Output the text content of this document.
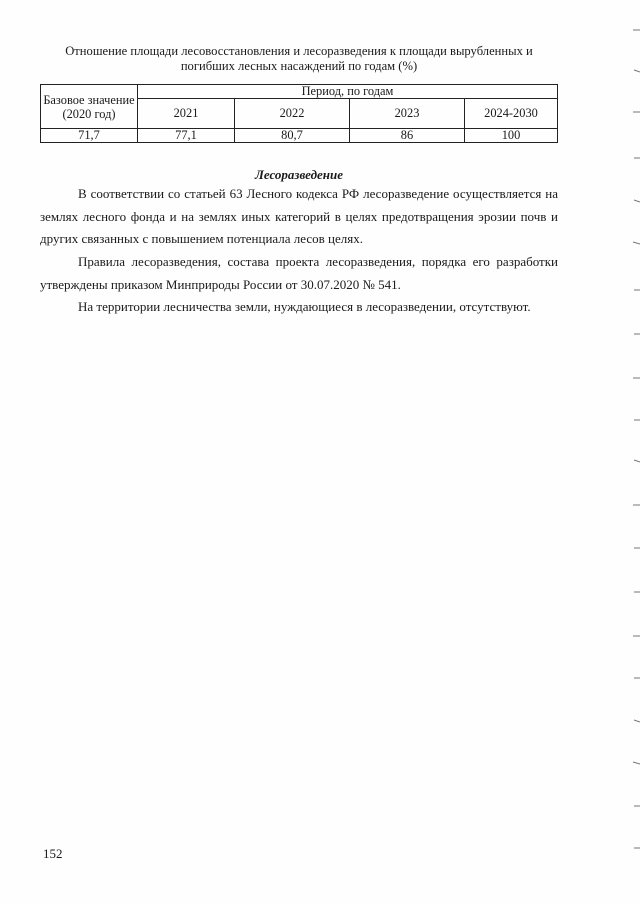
Отношение площади лесовосстановления и лесоразведения к площади вырубленных и погибших лесных насаждений по годам (%)
Базовое значение (2020 год)	Период, по годам			
	2021	2022	2023	2024-2030
71,7	77,1	80,7	86	100
Лесоразведение

В соответствии со статьей 63 Лесного кодекса РФ лесоразведение осуществляется на землях лесного фонда и на землях иных категорий в целях предотвращения эрозии почв и других связанных с повышением потенциала лесов целях.

Правила лесоразведения, состава проекта лесоразведения, порядка его разработки утверждены приказом Минприроды России от 30.07.2020 № 541.

На территории лесничества земли, нуждающиеся в лесоразведении, отсутствуют.

152
